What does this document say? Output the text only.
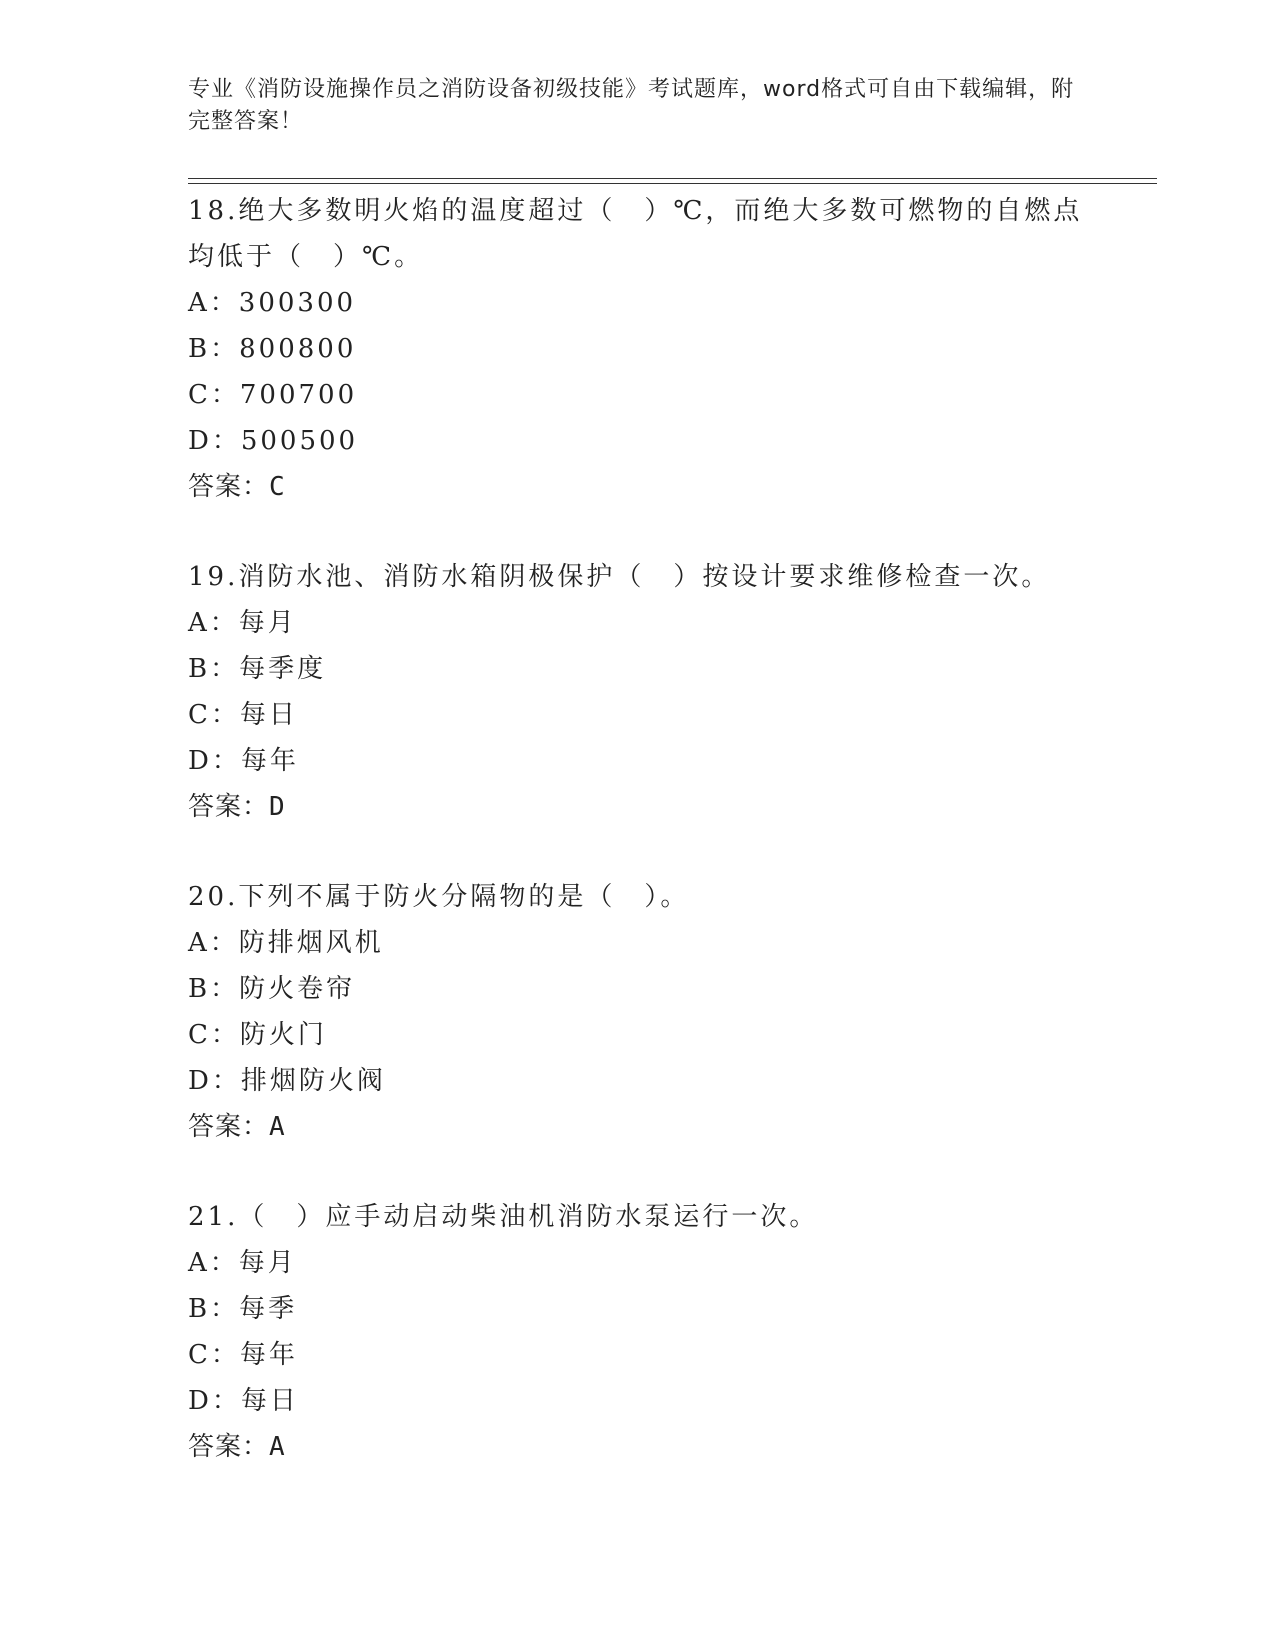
专业《消防设施操作员之消防设备初级技能》考试题库，word格式可自由下载编辑，附完整答案！

18.绝大多数明火焰的温度超过（　）℃，而绝大多数可燃物的自燃点均低于（　）℃。

A：300300

B：800800

C：700700

D：500500

答案：C

19.消防水池、消防水箱阴极保护（　）按设计要求维修检查一次。

A：每月

B：每季度

C：每日

D：每年

答案：D

20.下列不属于防火分隔物的是（　）。

A：防排烟风机

B：防火卷帘

C：防火门

D：排烟防火阀

答案：A

21.（　）应手动启动柴油机消防水泵运行一次。

A：每月

B：每季

C：每年

D：每日

答案：A
